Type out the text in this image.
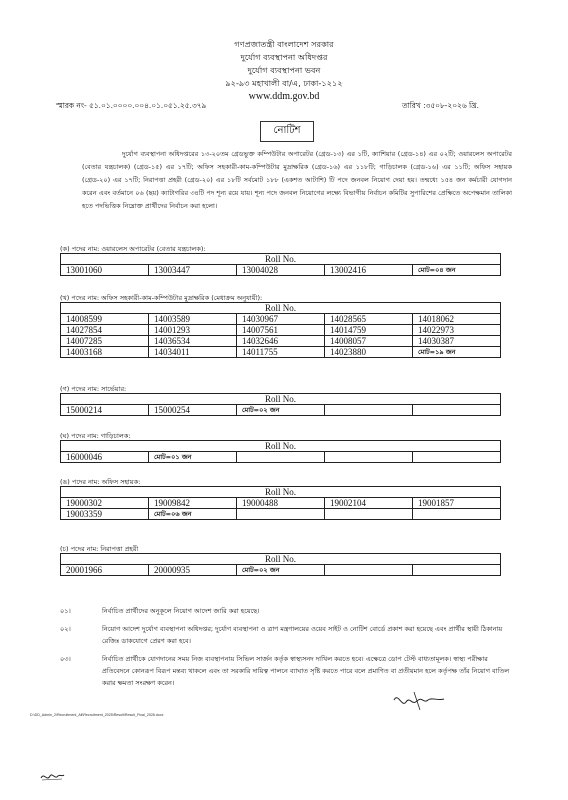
গণপ্রজাতন্ত্রী বাংলাদেশ সরকার
দুর্যোগ ব্যবস্থাপনা অধিদপ্তর
দুর্যোগ ব্যবস্থাপনা ভবন
৯২-৯৩ মহাখালী বা/এ, ঢাকা-১২১২
www.ddm.gov.bd
স্মারক নং- ৫১.০১.০০০০.০০৪.০১.০৫১.২৫.৩৭৯	তারিখ :৩৫০৮-২০২৬ খ্রি.
নোটিশ

দুর্যোগ ব্যবস্থাপনা অধিদপ্তরের ১৩-২০তম গ্রেডভুক্ত কম্পিউটার অপারেটর (গ্রেড-১৩) এর ১টি, ক্যাশিয়ার (গ্রেড-১৪) এর ০২টি; ওয়ারলেস অপারেটর (বেতার যন্ত্রচালক) (গ্রেড-১৫) এর ১৭টি; অফিস সহকারী-কাম-কম্পিউটার মুদ্রাক্ষরিক (গ্রেড-১৬) এর ১১৮টি; গাড়িচালক (গ্রেড-১৬) এর ১১টি; অফিস সহায়ক (গ্রেড-২০) এর ১৭টি; নিরাপত্তা প্রহরী (গ্রেড-২০) এর ১৮টি সর্বমোট ১৮৮ (একশত আটাশি) টি পদে জনবল নিয়োগ দেয়া হয়। তন্মধ্যে ১৫৪ জন কর্মচারী যোগদান করেন এবং বর্তমানে ০৬ (ছয়) ক্যাটাগরির ৩৪টি পদ শূন্য রয়ে যায়। শূন্য পদে জনবল নিয়োগের লক্ষ্যে বিভাগীয় নির্বাচন কমিটির সুপারিশের প্রেক্ষিতে অপেক্ষমান তালিকা হতে পদভিত্তিক নিম্নোক্ত প্রার্থীদের নির্বাচন করা হলো।

(ক) পদের নাম: ওয়ারলেস অপারেটর (বেতার যন্ত্রচালক):
Roll No.
13001060	13003447	13004028	13002416	মোট=০৪ জন
(খ) পদের নাম: অফিস সহকারী-কাম-কম্পিউটার মুদ্রাক্ষরিক (মেধাক্রম অনুযায়ী):
Roll No.				
14008599	14003589	14030967	14028565	14018062
14027854	14001293	14007561	14014759	14022973
14007285	14036534	14032646	14008057	14030387
14003168	14034011	14011755	14023880	মোট=১৯ জন
(গ) পদের নাম: সার্ভেয়ার:
Roll No.
15000214	15000254	মোট=০২ জন		
(ঘ) পদের নাম: গাড়িচালক:
Roll No.
16000046	মোট=০১ জন			
(ঙ) পদের নাম: অফিস সহায়ক:
Roll No.				
19000302	19009842	19000488	19002104	19001857
19003359	মোট=০৬ জন			
(চ) পদের নাম: নিরাপত্তা প্রহরী
Roll No.
20001966	20000935	মোট=০২ জন		
০১।	নির্বাচিত প্রার্থীদের অনুকূলে নিয়োগ আদেশ জারি করা হয়েছে।
০২।	নিয়োগ আদেশ দুর্যোগ ব্যবস্থাপনা অধিদপ্তর; দুর্যোগ ব্যবস্থাপনা ও ত্রাণ মন্ত্রণালয়ের ওয়েব সাইট ও নোটিশ বোর্ডে প্রকাশ করা হয়েছে এবং প্রার্থীর স্থায়ী ঠিকানায় রেজিঃ ডাকযোগে প্রেরণ করা হবে।
০৩।	নির্বাচিত প্রার্থীকে যোগদানের সময় নিজ ব্যবস্থাপনায় সিভিল সার্জন কর্তৃক স্বাস্থ্যসনদ দাখিল করতে হবে। এক্ষেত্রে ডোপ টেস্ট বাধ্যতামূলক। স্বাস্থ্য পরীক্ষার প্রতিবেদনে কোনরূপ বিরূপ মন্তব্য থাকলে এবং তা সরকারি দায়িত্ব পালনে ব্যাঘাত সৃষ্টি করতে পারে বলে প্রমাণিত বা প্রতীয়মান হলে কর্তৃপক্ষ তাঁর নিয়োগ বাতিল করার ক্ষমতা সংরক্ষণ করেন।
D:\DD_Admin_2\Recruitment_All\Recruitment_2025\Result\Result_Final_2026.docx
